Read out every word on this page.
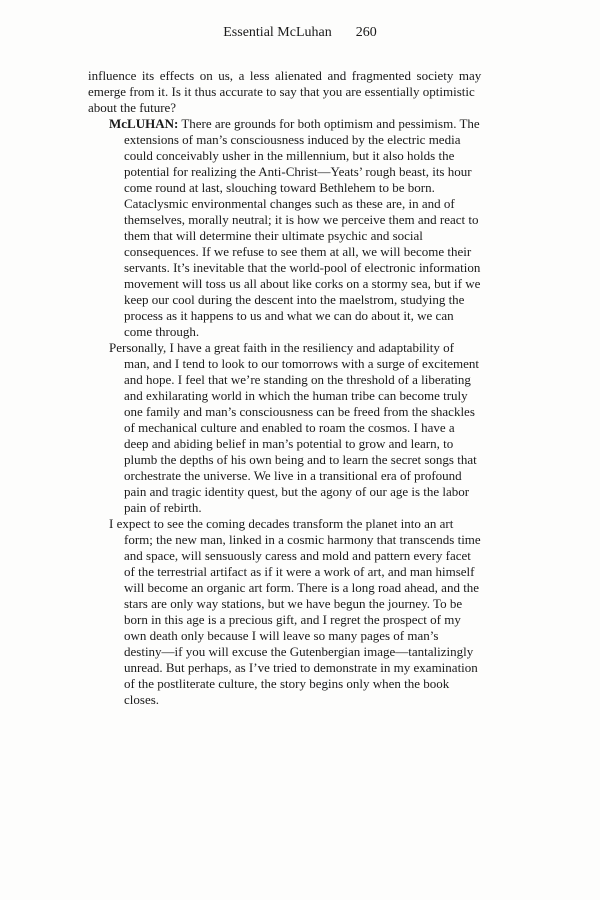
Essential McLuhan 260
influence its effects on us, a less alienated and fragmented society may
emerge from it. Is it thus accurate to say that you are essentially optimistic
about the future?
McLUHAN: There are grounds for both optimism and pessimism. The
extensions of man’s consciousness induced by the electric media
could conceivably usher in the millennium, but it also holds the
potential for realizing the Anti-Christ—Yeats’ rough beast, its hour
come round at last, slouching toward Bethlehem to be born.
Cataclysmic environmental changes such as these are, in and of
themselves, morally neutral; it is how we perceive them and react to
them that will determine their ultimate psychic and social
consequences. If we refuse to see them at all, we will become their
servants. It’s inevitable that the world-pool of electronic information
movement will toss us all about like corks on a stormy sea, but if we
keep our cool during the descent into the maelstrom, studying the
process as it happens to us and what we can do about it, we can
come through.
Personally, I have a great faith in the resiliency and adaptability of
man, and I tend to look to our tomorrows with a surge of excitement
and hope. I feel that we’re standing on the threshold of a liberating
and exhilarating world in which the human tribe can become truly
one family and man’s consciousness can be freed from the shackles
of mechanical culture and enabled to roam the cosmos. I have a
deep and abiding belief in man’s potential to grow and learn, to
plumb the depths of his own being and to learn the secret songs that
orchestrate the universe. We live in a transitional era of profound
pain and tragic identity quest, but the agony of our age is the labor
pain of rebirth.
I expect to see the coming decades transform the planet into an art
form; the new man, linked in a cosmic harmony that transcends time
and space, will sensuously caress and mold and pattern every facet
of the terrestrial artifact as if it were a work of art, and man himself
will become an organic art form. There is a long road ahead, and the
stars are only way stations, but we have begun the journey. To be
born in this age is a precious gift, and I regret the prospect of my
own death only because I will leave so many pages of man’s
destiny—if you will excuse the Gutenbergian image—tantalizingly
unread. But perhaps, as I’ve tried to demonstrate in my examination
of the postliterate culture, the story begins only when the book
closes.
